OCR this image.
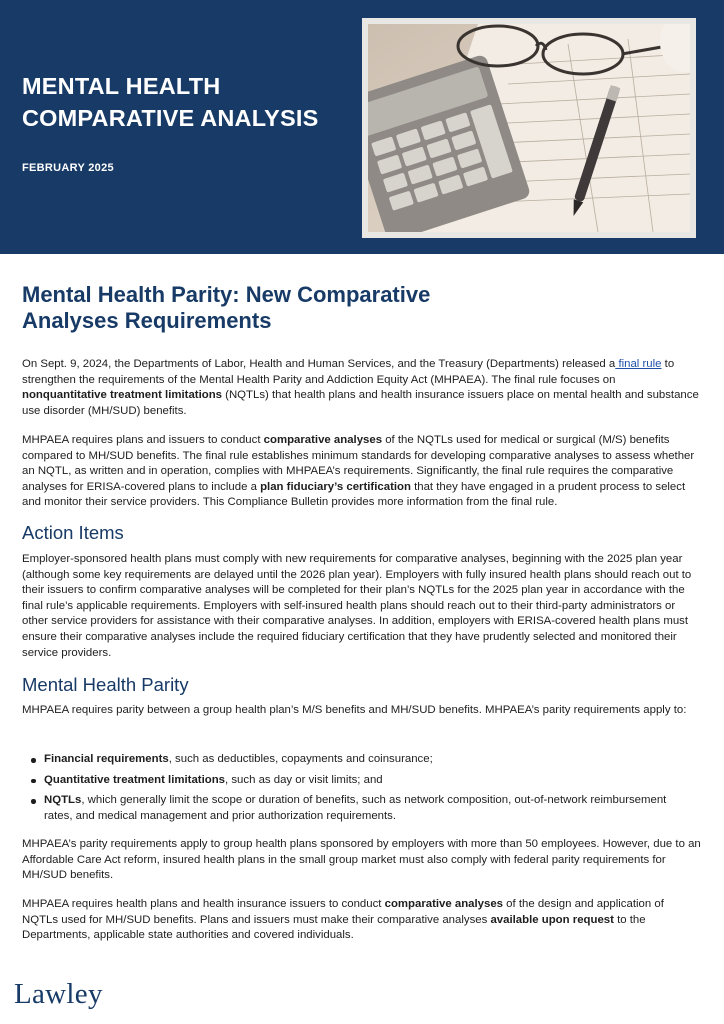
MENTAL HEALTH
COMPARATIVE ANALYSIS
FEBRUARY 2025
Mental Health Parity: New Comparative
Analyses Requirements
On Sept. 9, 2024, the Departments of Labor, Health and Human Services, and the Treasury (Departments) released a final rule to strengthen the requirements of the Mental Health Parity and Addiction Equity Act (MHPAEA). The final rule focuses on nonquantitative treatment limitations (NQTLs) that health plans and health insurance issuers place on mental health and substance use disorder (MH/SUD) benefits.
MHPAEA requires plans and issuers to conduct comparative analyses of the NQTLs used for medical or surgical (M/S) benefits compared to MH/SUD benefits. The final rule establishes minimum standards for developing comparative analyses to assess whether an NQTL, as written and in operation, complies with MHPAEA’s requirements. Significantly, the final rule requires the comparative analyses for ERISA-covered plans to include a plan fiduciary’s certification that they have engaged in a prudent process to select and monitor their service providers. This Compliance Bulletin provides more information from the final rule.
Action Items
Employer-sponsored health plans must comply with new requirements for comparative analyses, beginning with the 2025 plan year (although some key requirements are delayed until the 2026 plan year). Employers with fully insured health plans should reach out to their issuers to confirm comparative analyses will be completed for their plan’s NQTLs for the 2025 plan year in accordance with the final rule’s applicable requirements. Employers with self-insured health plans should reach out to their third-party administrators or other service providers for assistance with their comparative analyses. In addition, employers with ERISA-covered health plans must ensure their comparative analyses include the required fiduciary certification that they have prudently selected and monitored their service providers.
Mental Health Parity
MHPAEA requires parity between a group health plan’s M/S benefits and MH/SUD benefits. MHPAEA’s parity requirements apply to:
Financial requirements, such as deductibles, copayments and coinsurance;
Quantitative treatment limitations, such as day or visit limits; and
NQTLs, which generally limit the scope or duration of benefits, such as network composition, out-of-network reimbursement rates, and medical management and prior authorization requirements.
MHPAEA’s parity requirements apply to group health plans sponsored by employers with more than 50 employees. However, due to an Affordable Care Act reform, insured health plans in the small group market must also comply with federal parity requirements for MH/SUD benefits.
MHPAEA requires health plans and health insurance issuers to conduct comparative analyses of the design and application of NQTLs used for MH/SUD benefits. Plans and issuers must make their comparative analyses available upon request to the Departments, applicable state authorities and covered individuals.
Lawley
